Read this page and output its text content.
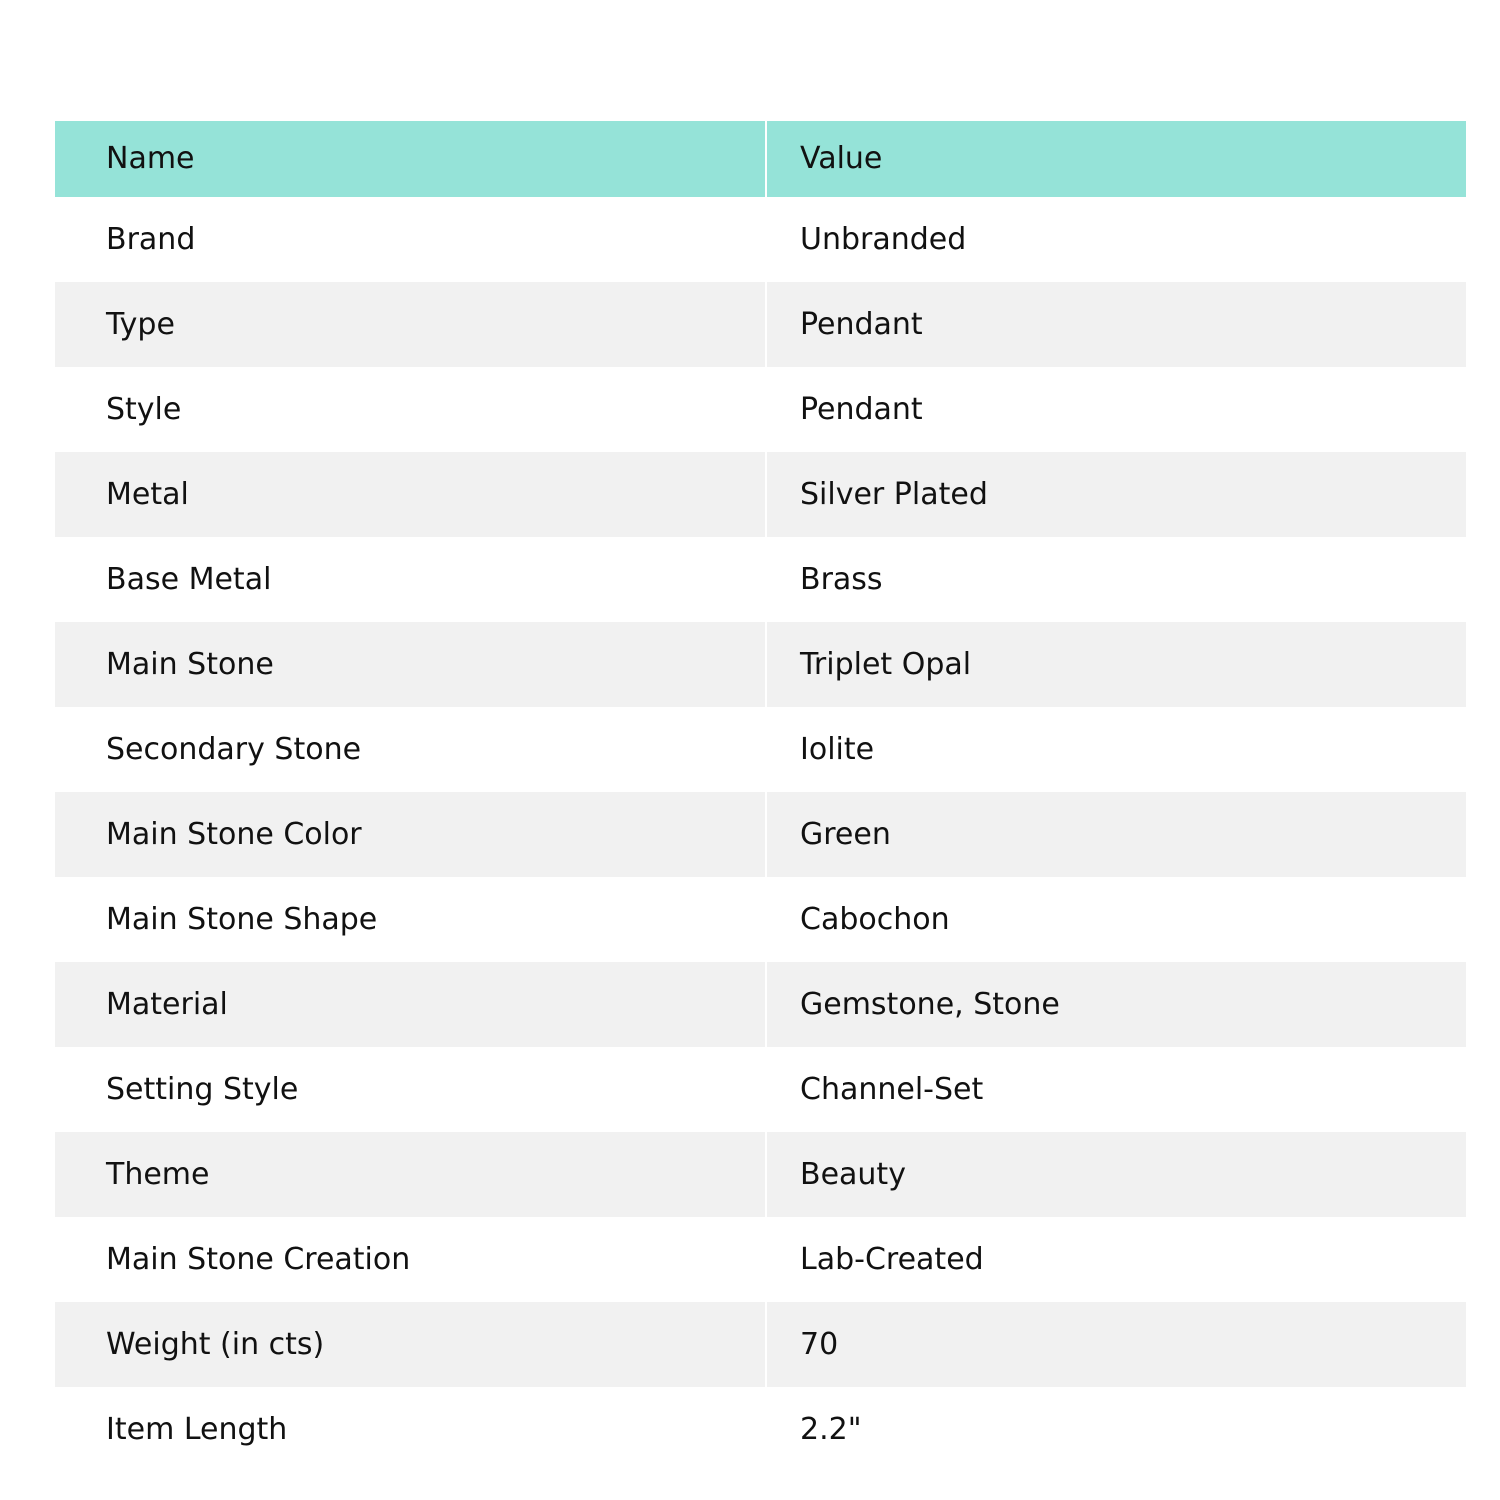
Name	Value
Brand	Unbranded
Type	Pendant
Style	Pendant
Metal	Silver Plated
Base Metal	Brass
Main Stone	Triplet Opal
Secondary Stone	Iolite
Main Stone Color	Green
Main Stone Shape	Cabochon
Material	Gemstone, Stone
Setting Style	Channel-Set
Theme	Beauty
Main Stone Creation	Lab-Created
Weight (in cts)	70
Item Length	2.2"
